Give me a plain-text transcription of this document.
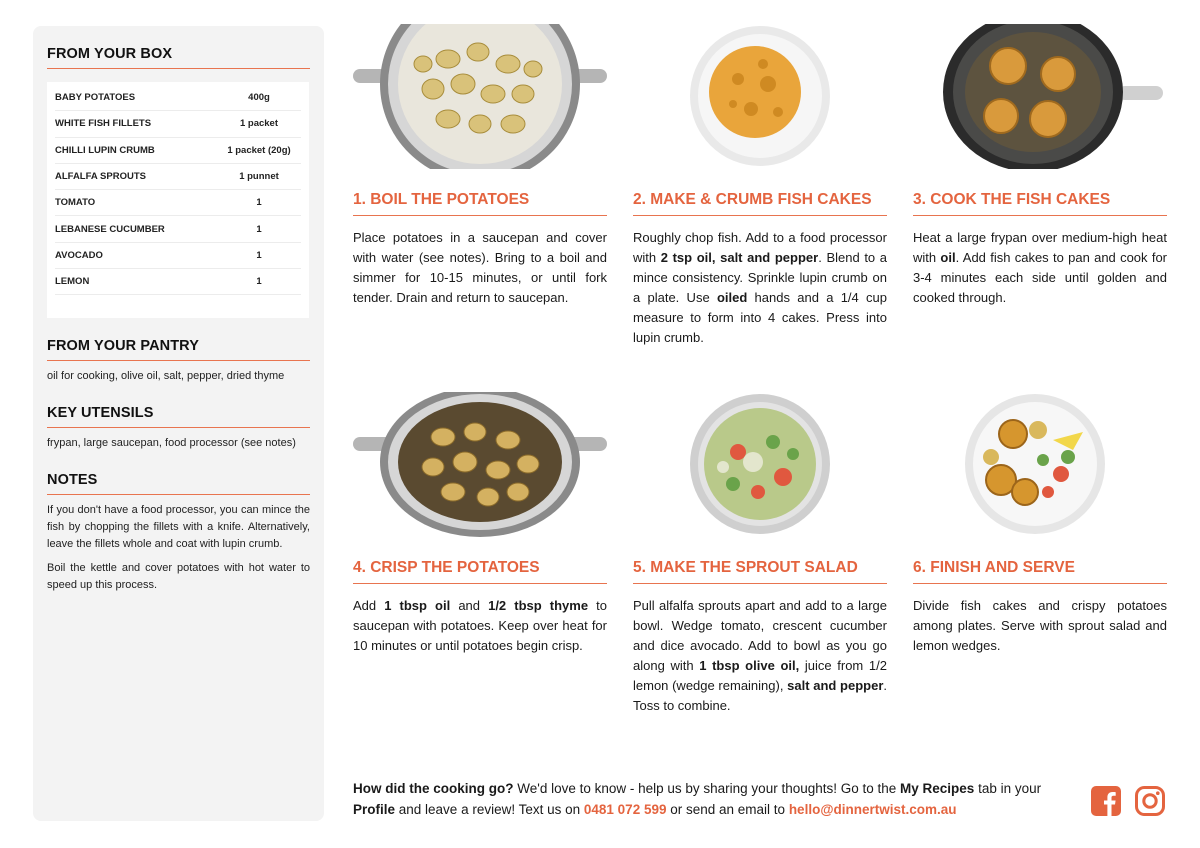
FROM YOUR BOX
BABY POTATOES	400g
WHITE FISH FILLETS	1 packet
CHILLI LUPIN CRUMB	1 packet (20g)
ALFALFA SPROUTS	1 punnet
TOMATO	1
LEBANESE CUCUMBER	1
AVOCADO	1
LEMON	1
FROM YOUR PANTRY

oil for cooking, olive oil, salt, pepper, dried thyme

KEY UTENSILS

frypan, large saucepan, food processor (see notes)

NOTES

If you don't have a food processor, you can mince the fish by chopping the fillets with a knife. Alternatively, leave the fillets whole and coat with lupin crumb.

Boil the kettle and cover potatoes with hot water to speed up this process.

1. BOIL THE POTATOES

Place potatoes in a saucepan and cover with water (see notes). Bring to a boil and simmer for 10-15 minutes, or until fork tender. Drain and return to saucepan.

2. MAKE & CRUMB FISH CAKES

Roughly chop fish. Add to a food processor with 2 tsp oil, salt and pepper. Blend to a mince consistency. Sprinkle lupin crumb on a plate. Use oiled hands and a 1/4 cup measure to form into 4 cakes. Press into lupin crumb.

3. COOK THE FISH CAKES

Heat a large frypan over medium-high heat with oil. Add fish cakes to pan and cook for 3-4 minutes each side until golden and cooked through.

4. CRISP THE POTATOES

Add 1 tbsp oil and 1/2 tbsp thyme to saucepan with potatoes. Keep over heat for 10 minutes or until potatoes begin crisp.

5. MAKE THE SPROUT SALAD

Pull alfalfa sprouts apart and add to a large bowl. Wedge tomato, crescent cucumber and dice avocado. Add to bowl as you go along with 1 tbsp olive oil, juice from 1/2 lemon (wedge remaining), salt and pepper. Toss to combine.

6. FINISH AND SERVE

Divide fish cakes and crispy potatoes among plates. Serve with sprout salad and lemon wedges.

How did the cooking go? We'd love to know - help us by sharing your thoughts! Go to the My Recipes tab in your Profile and leave a review! Text us on 0481 072 599 or send an email to hello@dinnertwist.com.au
